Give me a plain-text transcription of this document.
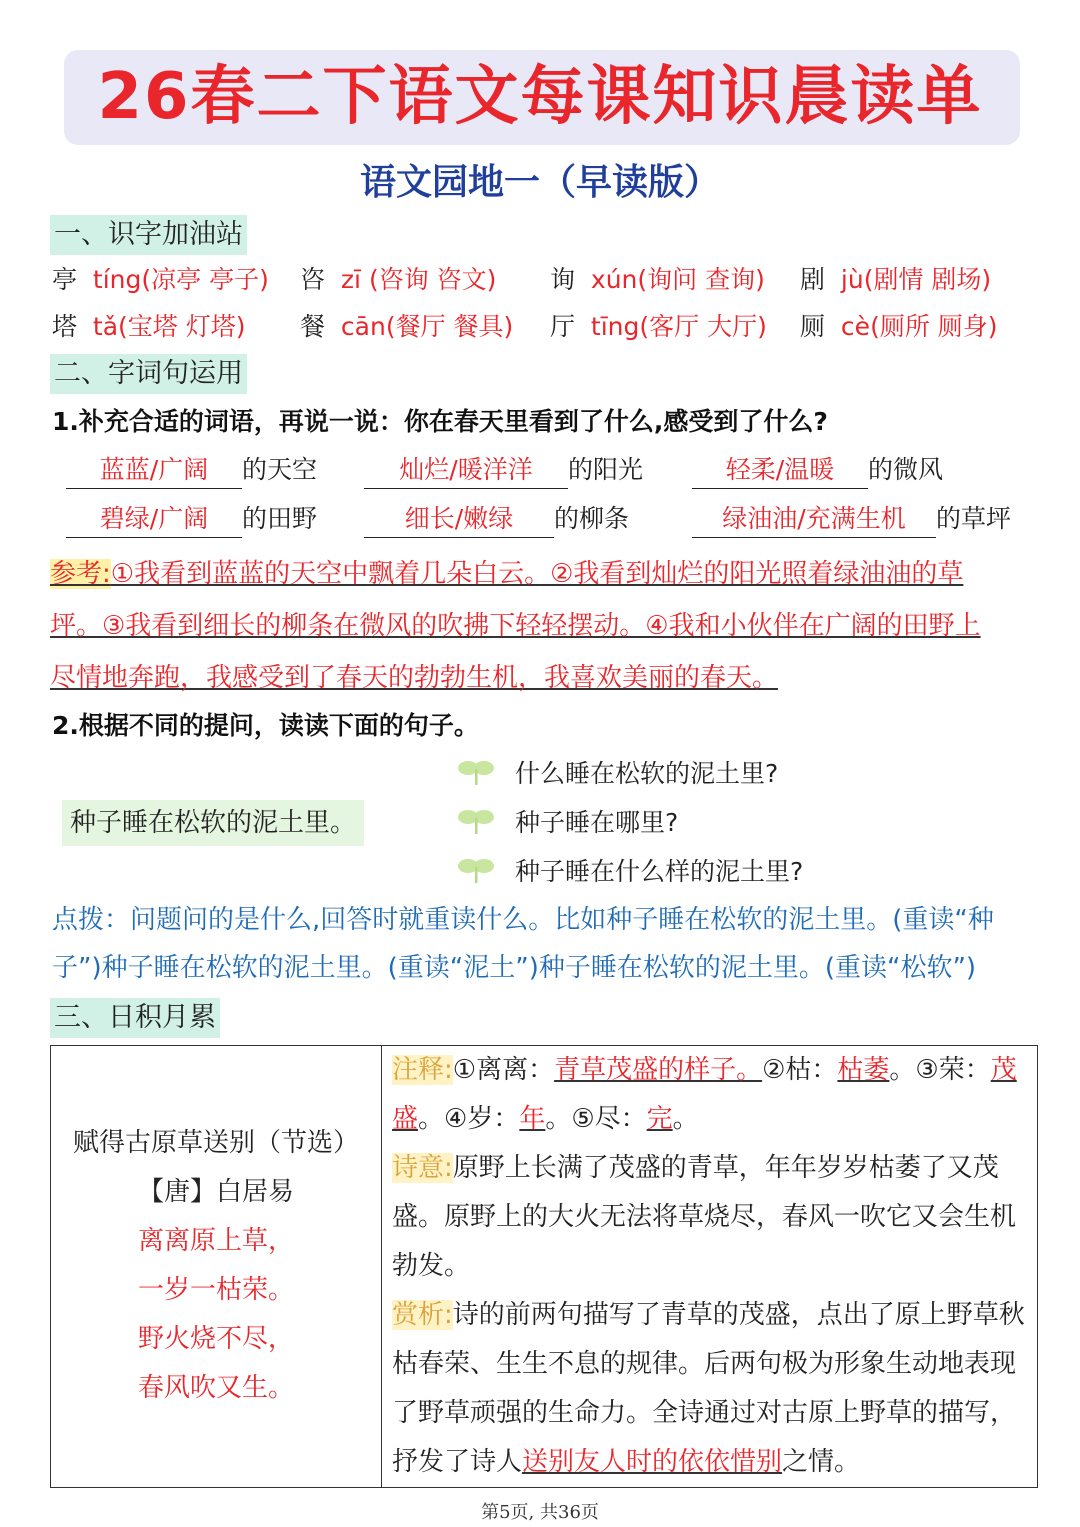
26春二下语文每课知识晨读单
语文园地一（早读版）
一、识字加油站
亭 tíng(凉亭 亭子) 咨 zī (咨询 咨文) 询 xún(询问 查询) 剧 jù(剧情 剧场)
塔 tǎ(宝塔 灯塔) 餐 cān(餐厅 餐具) 厅 tīng(客厅 大厅) 厕 cè(厕所 厕身)
二、字词句运用
1.补充合适的词语，再说一说：你在春天里看到了什么,感受到了什么?
蓝蓝/广阔 的天空	灿烂/暖洋洋 的阳光	轻柔/温暖 的微风
碧绿/广阔 的田野	细长/嫩绿 的柳条	绿油油/充满生机 的草坪
参考:①我看到蓝蓝的天空中飘着几朵白云。②我看到灿烂的阳光照着绿油油的草
坪。③我看到细长的柳条在微风的吹拂下轻轻摆动。④我和小伙伴在广阔的田野上
尽情地奔跑，我感受到了春天的勃勃生机，我喜欢美丽的春天。
2.根据不同的提问，读读下面的句子。
种子睡在松软的泥土里。
什么睡在松软的泥土里?
种子睡在哪里?
种子睡在什么样的泥土里?
点拨：问题问的是什么,回答时就重读什么。比如种子睡在松软的泥土里。(重读“种
子”)种子睡在松软的泥土里。(重读“泥土”)种子睡在松软的泥土里。(重读“松软”)
三、日积月累
赋得古原草送别（节选）
【唐】白居易
离离原上草，
一岁一枯荣。
野火烧不尽，
春风吹又生。

注释:①离离：青草茂盛的样子。②枯：枯萎。③荣：茂盛。④岁：年。⑤尽：完。
诗意:原野上长满了茂盛的青草，年年岁岁枯萎了又茂盛。原野上的大火无法将草烧尽，春风一吹它又会生机勃发。
赏析:诗的前两句描写了青草的茂盛，点出了原上野草秋枯春荣、生生不息的规律。后两句极为形象生动地表现了野草顽强的生命力。全诗通过对古原上野草的描写，抒发了诗人送别友人时的依依惜别之情。
第5页, 共36页
